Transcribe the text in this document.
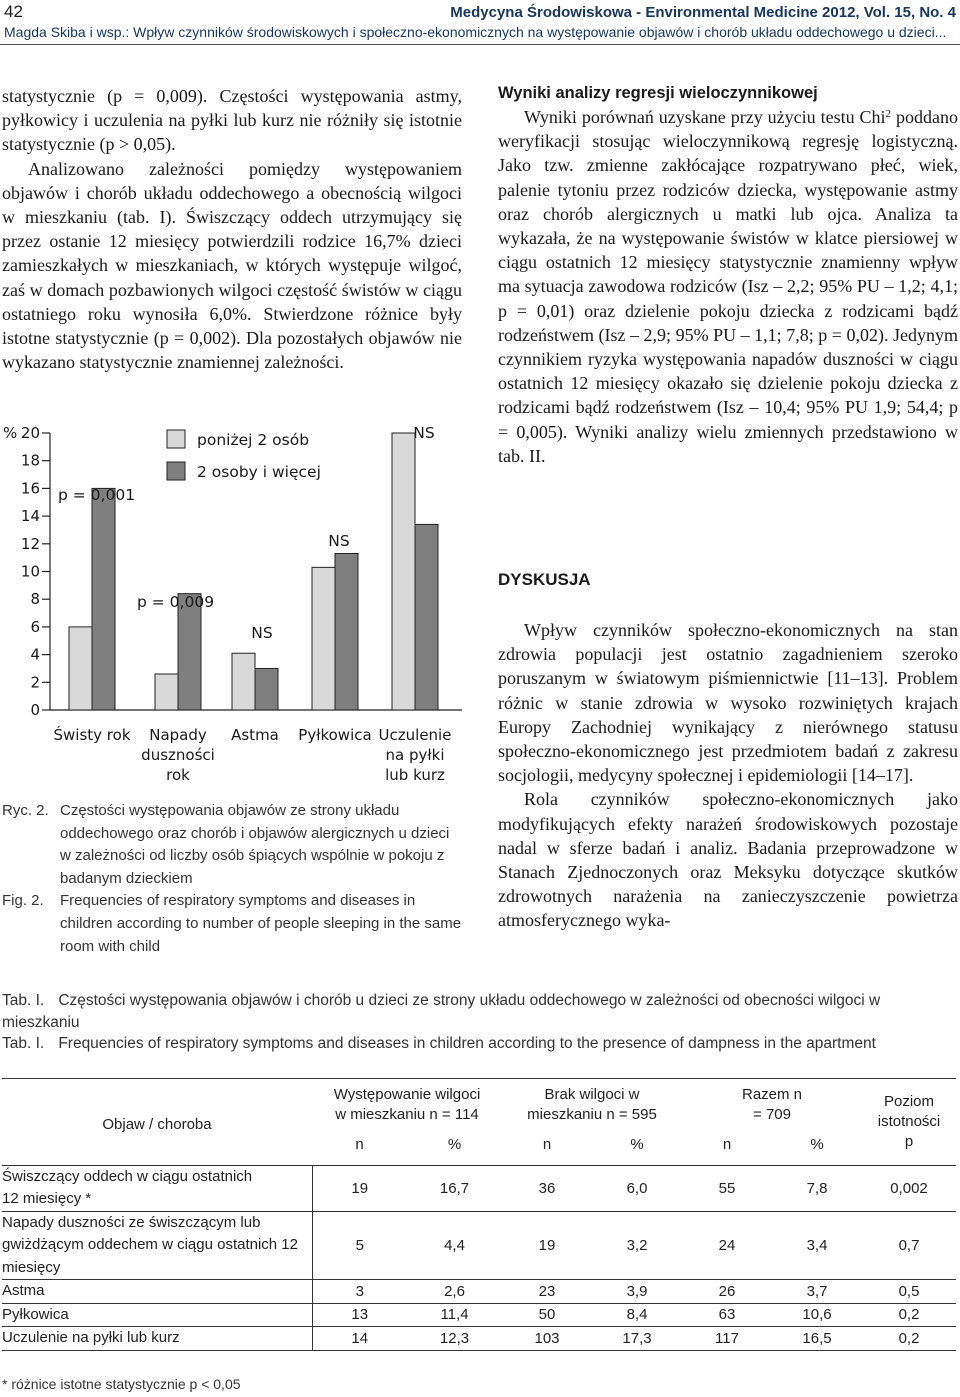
42	Medycyna Środowiskowa - Environmental Medicine 2012, Vol. 15, No. 4
Magda Skiba i wsp.: Wpływ czynników środowiskowych i społeczno-ekonomicznych na występowanie objawów i chorób układu oddechowego u dzieci...

statystycznie (p = 0,009). Częstości występowania astmy, pyłkowicy i uczulenia na pyłki lub kurz nie różniły się istotnie statystycznie (p > 0,05).

Analizowano zależności pomiędzy występowaniem objawów i chorób układu oddechowego a obecnością wilgoci w mieszkaniu (tab. I). Świszczący oddech utrzymujący się przez ostanie 12 miesięcy potwierdzili rodzice 16,7% dzieci zamieszkałych w mieszkaniach, w których występuje wilgoć, zaś w domach pozbawionych wilgoci częstość świstów w ciągu ostatniego roku wynosiła 6,0%. Stwierdzone różnice były istotne statystycznie (p = 0,002). Dla pozostałych objawów nie wykazano statystycznie znamiennej zależności.

20
18
16
14
12
10
8
6
4
2
0
%
Świsty rok Napady
duszności
rok
Astma Pyłkowica Uczulenie
na pyłki
lub kurz
p = 0,001
p = 0,009
NS
NS
NS
poniżej 2 osób
2 osoby i więcej
Ryc. 2. Częstości występowania objawów ze strony układu oddechowego oraz chorób i objawów alergicznych u dzieci w zależności od liczby osób śpiących wspólnie w pokoju z badanym dzieckiem
Fig. 2.	Frequencies of respiratory symptoms and diseases in children according to number of people sleeping in the same room with child
Wyniki analizy regresji wieloczynnikowej

Wyniki porównań uzyskane przy użyciu testu Chi$^2$ poddano weryfikacji stosując wieloczynnikową regresję logistyczną. Jako tzw. zmienne zakłócające rozpatrywano płeć, wiek, palenie tytoniu przez rodziców dziecka, występowanie astmy oraz chorób alergicznych u matki lub ojca. Analiza ta wykazała, że na występowanie świstów w klatce piersiowej w ciągu ostatnich 12 miesięcy statystycznie znamienny wpływ ma sytuacja zawodowa rodziców (Isz – 2,2; 95% PU – 1,2; 4,1; p = 0,01) oraz dzielenie pokoju dziecka z rodzicami bądź rodzeństwem (Isz – 2,9; 95% PU – 1,1; 7,8; p = 0,02). Jedynym czynnikiem ryzyka występowania napadów duszności w ciągu ostatnich 12 miesięcy okazało się dzielenie pokoju dziecka z rodzicami bądź rodzeństwem (Isz – 10,4; 95% PU 1,9; 54,4; p = 0,005). Wyniki analizy wielu zmiennych przedstawiono w tab. II.

DYSKUSJA

Wpływ czynników społeczno-ekonomicznych na stan zdrowia populacji jest ostatnio zagadnieniem szeroko poruszanym w światowym piśmiennictwie [11–13]. Problem różnic w stanie zdrowia w wysoko rozwiniętych krajach Europy Zachodniej wynikający z nierównego statusu społeczno-ekonomicznego jest przedmiotem badań z zakresu socjologii, medycyny społecznej i epidemiologii [14–17].

Rola czynników społeczno-ekonomicznych jako modyfikujących efekty narażeń środowiskowych pozostaje nadal w sferze badań i analiz. Badania przeprowadzone w Stanach Zjednoczonych oraz Meksyku dotyczące skutków zdrowotnych narażenia na zanieczyszczenie powietrza atmosferycznego wyka-

Tab. I. Częstości występowania objawów i chorób u dzieci ze strony układu oddechowego w zależności od obecności wilgoci w mieszkaniu
Tab. I. Frequencies of respiratory symptoms and diseases in children according to the presence of dampness in the apartment

Objaw / choroba	Występowanie wilgoci w mieszkaniu n = 114		Brak wilgoci w mieszkaniu n = 595		Razem n = 709		Poziom istotności p
	n	%	n	%	n	%	

Świszczący oddech w ciągu ostatnich 12 miesięcy *	19	16,7	36	6,0	55	7,8	0,002
Napady duszności ze świszczącym lub gwiżdżącym oddechem w ciągu ostatnich 12 miesięcy	5	4,4	19	3,2	24	3,4	0,7
Astma	3	2,6	23	3,9	26	3,7	0,5
Pyłkowica	13	11,4	50	8,4	63	10,6	0,2
Uczulenie na pyłki lub kurz	14	12,3	103	17,3	117	16,5	0,2
* różnice istotne statystycznie p < 0,05
